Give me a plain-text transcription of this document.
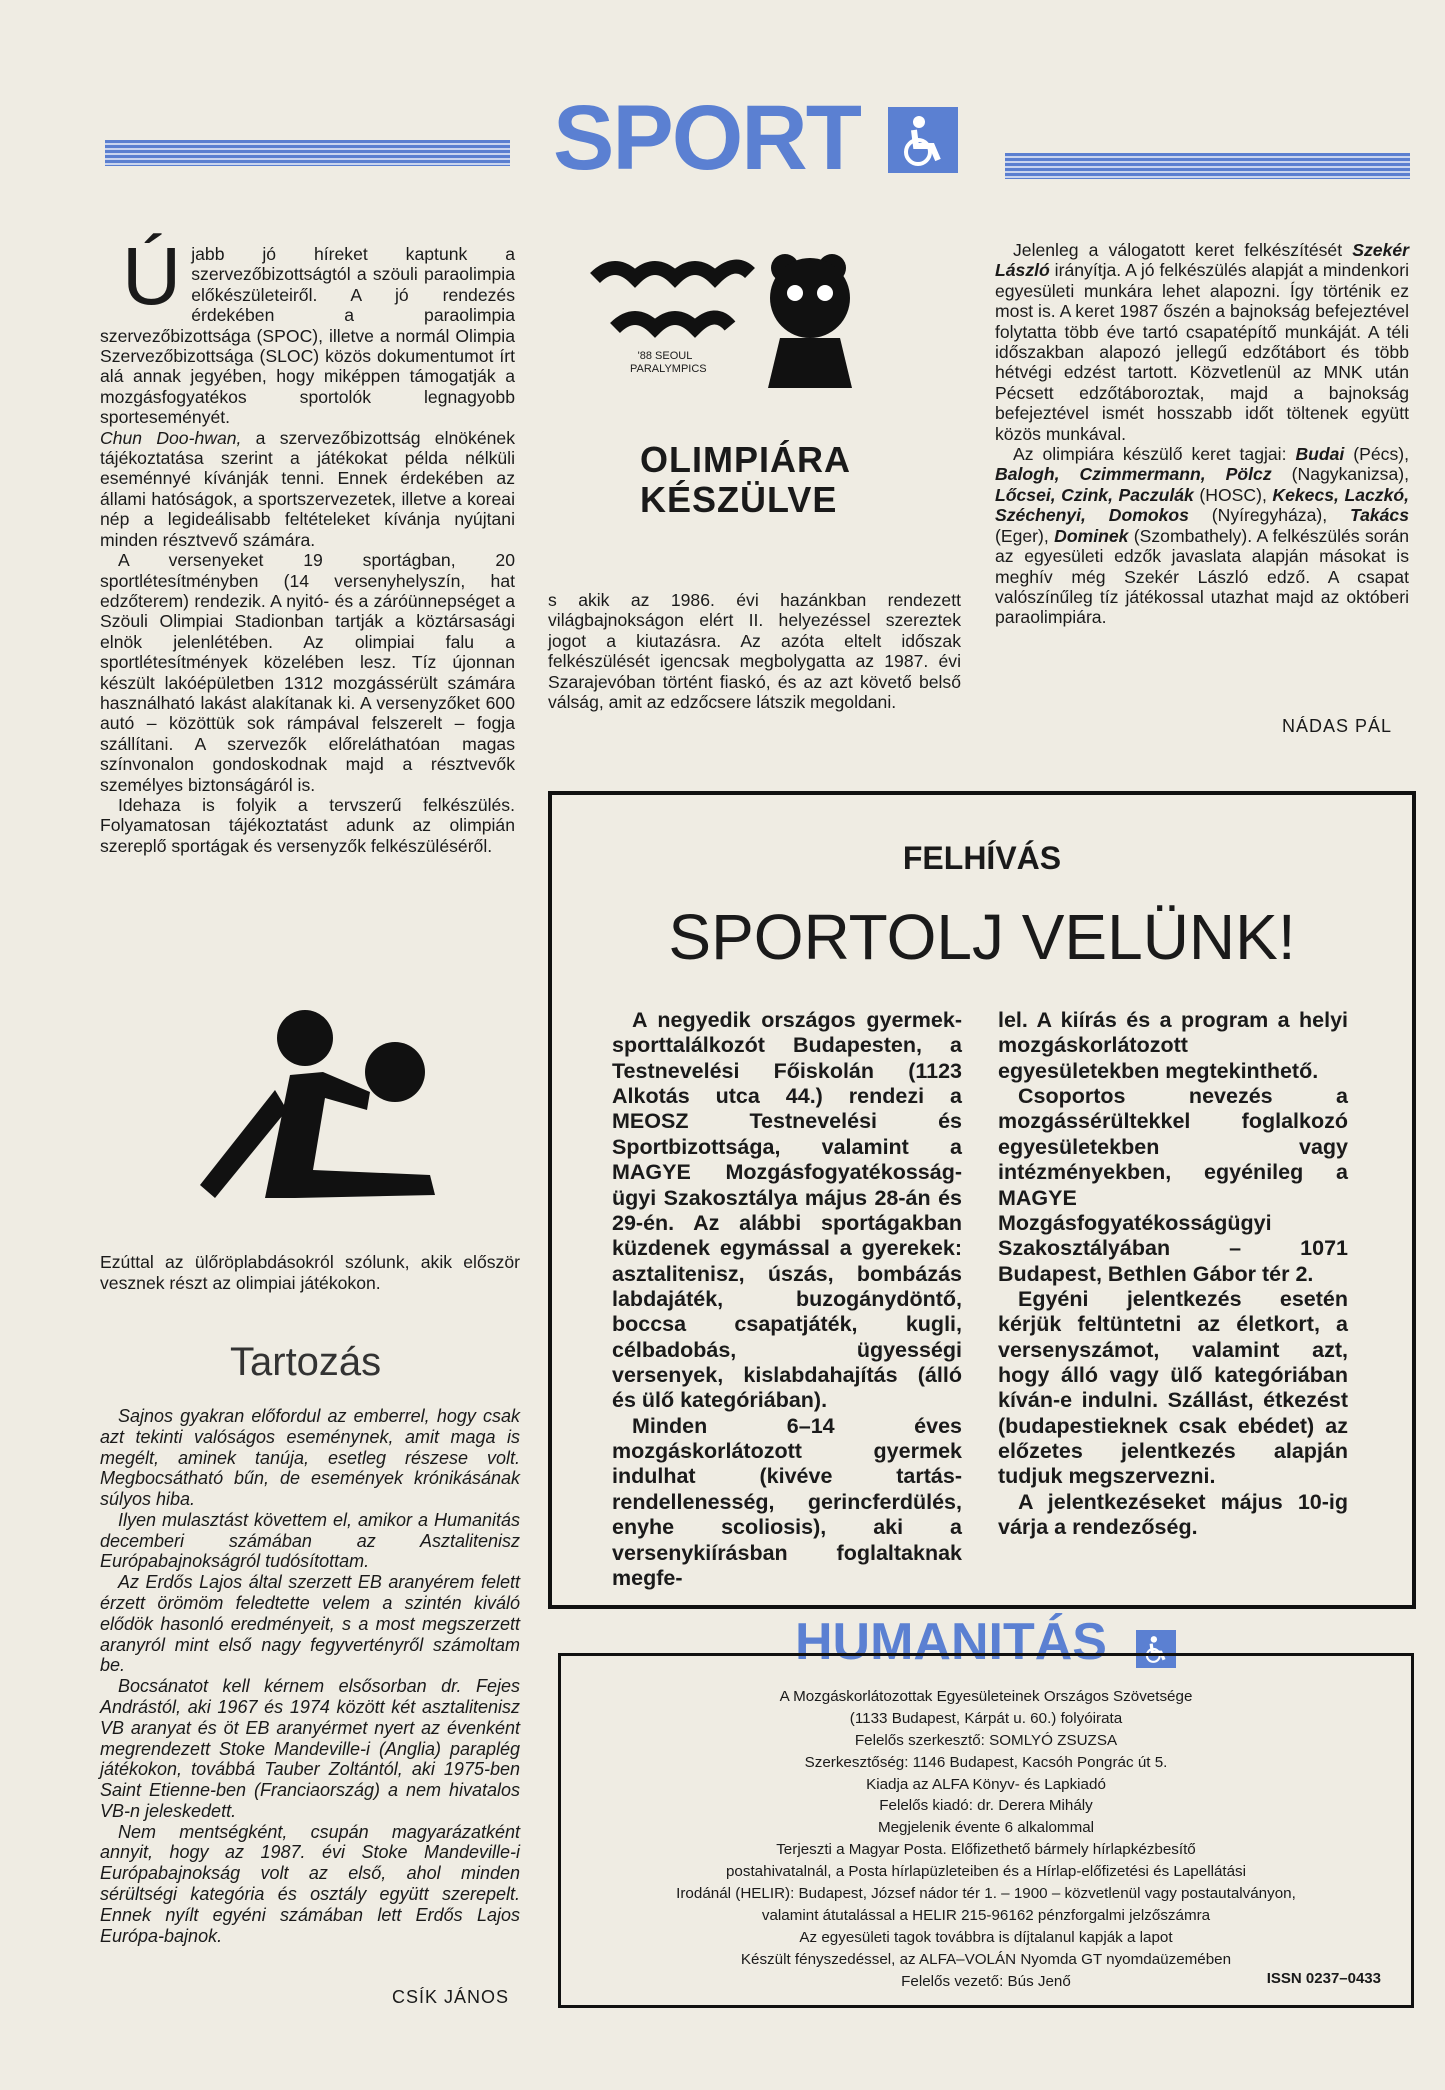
SPORT
Ú jabb jó híreket kaptunk a szervezőbizottságtól a szöuli paraolimpia előkészületeiről. A jó rendezés érdekében a paraolimpia szervezőbizottsága (SPOC), illetve a normál Olimpia Szervezőbizottsága (SLOC) közös dokumentumot írt alá annak jegyében, hogy miképpen támogatják a mozgásfogyatékos sportolók legnagyobb sporteseményét.

Chun Doo-hwan, a szervezőbizottság elnökének tájékoztatása szerint a játékokat példa nélküli eseménnyé kívánják tenni. Ennek érdekében az állami hatóságok, a sportszervezetek, illetve a koreai nép a legideálisabb feltételeket kívánja nyújtani minden résztvevő számára.

A versenyeket 19 sportágban, 20 sportlétesítményben (14 versenyhelyszín, hat edzőterem) rendezik. A nyitó- és a záróünnepséget a Szöuli Olimpiai Stadionban tartják a köztársasági elnök jelenlétében. Az olimpiai falu a sportlétesítmények közelében lesz. Tíz újonnan készült lakóépületben 1312 mozgássérült számára használható lakást alakítanak ki. A versenyzőket 600 autó – közöttük sok rámpával felszerelt – fogja szállítani. A szervezők előreláthatóan magas színvonalon gondoskodnak majd a résztvevők személyes biztonságáról is.

Idehaza is folyik a tervszerű felkészülés. Folyamatosan tájékoztatást adunk az olimpián szereplő sportágak és versenyzők felkészüléséről.

Ezúttal az ülőröplabdásokról szólunk, akik először vesznek részt az olimpiai játékokon.
Tartozás

Sajnos gyakran előfordul az emberrel, hogy csak azt tekinti valóságos eseménynek, amit maga is megélt, aminek tanúja, esetleg részese volt. Megbocsátható bűn, de események krónikásának súlyos hiba.

Ilyen mulasztást követtem el, amikor a Humanitás decemberi számában az Asztalitenisz Európabajnokságról tudósítottam.

Az Erdős Lajos által szerzett EB aranyérem felett érzett örömöm feledtette velem a szintén kiváló elődök hasonló eredményeit, s a most megszerzett aranyról mint első nagy fegyvertényről számoltam be.

Bocsánatot kell kérnem elsősorban dr. Fejes Andrástól, aki 1967 és 1974 között két asztalitenisz VB aranyat és öt EB aranyérmet nyert az évenként megrendezett Stoke Mandeville-i (Anglia) paraplég játékokon, továbbá Tauber Zoltántól, aki 1975-ben Saint Etienne-ben (Franciaország) a nem hivatalos VB-n jeleskedett.

Nem mentségként, csupán magyarázatként annyit, hogy az 1987. évi Stoke Mandeville-i Európabajnokság volt az első, ahol minden sérültségi kategória és osztály együtt szerepelt. Ennek nyílt egyéni számában lett Erdős Lajos Európa-bajnok.

CSÍK JÁNOS
'88 SEOUL
PARALYMPICS
OLIMPIÁRA
KÉSZÜLVE

s akik az 1986. évi hazánkban rendezett világbajnokságon elért II. helyezéssel szereztek jogot a kiutazásra. Az azóta eltelt időszak felkészülését igencsak megbolygatta az 1987. évi Szarajevóban történt fiaskó, és az azt követő belső válság, amit az edzőcsere látszik megoldani.

Jelenleg a válogatott keret felkészítését Szekér László irányítja. A jó felkészülés alapját a mindenkori egyesületi munkára lehet alapozni. Így történik ez most is. A keret 1987 őszén a bajnokság befejeztével folytatta több éve tartó csapatépítő munkáját. A téli időszakban alapozó jellegű edzőtábort és több hétvégi edzést tartott. Közvetlenül az MNK után Pécsett edzőtáboroztak, majd a bajnokság befejeztével ismét hosszabb időt töltenek együtt közös munkával.

Az olimpiára készülő keret tagjai: Budai (Pécs), Balogh, Czimmermann, Pölcz (Nagykanizsa), Lőcsei, Czink, Paczulák (HOSC), Kekecs, Laczkó, Széchenyi, Domokos (Nyíregyháza), Takács (Eger), Dominek (Szombathely). A felkészülés során az egyesületi edzők javaslata alapján másokat is meghív még Szekér László edző. A csapat valószínűleg tíz játékossal utazhat majd az októberi paraolimpiára.

NÁDAS PÁL
FELHÍVÁS
SPORTOLJ VELÜNK!

A negyedik országos gyermek-sporttalálkozót Budapesten, a Testnevelési Főiskolán (1123 Alkotás utca 44.) rendezi a MEOSZ Testnevelési és Sportbizottsága, valamint a MAGYE Mozgásfogyatékosság-ügyi Szakosztálya május 28-án és 29-én. Az alábbi sportágakban küzdenek egymással a gyerekek: asztalitenisz, úszás, bombázás labdajáték, buzogánydöntő, boccsa csapatjáték, kugli, célbadobás, ügyességi versenyek, kislabdahajítás (álló és ülő kategóriában).

Minden 6–14 éves mozgáskorlátozott gyermek indulhat (kivéve tartás-rendellenesség, gerincferdülés, enyhe scoliosis), aki a versenykiírásban foglaltaknak megfe-

lel. A kiírás és a program a helyi mozgáskorlátozott egyesületekben megtekinthető.

Csoportos nevezés a mozgássérültekkel foglalkozó egyesületekben vagy intézményekben, egyénileg a MAGYE Mozgásfogyatékosságügyi Szakosztályában – 1071 Budapest, Bethlen Gábor tér 2.

Egyéni jelentkezés esetén kérjük feltüntetni az életkort, a versenyszámot, valamint azt, hogy álló vagy ülő kategóriában kíván-e indulni. Szállást, étkezést (budapestieknek csak ebédet) az előzetes jelentkezés alapján tudjuk megszervezni.

A jelentkezéseket május 10-ig várja a rendezőség.

HUMANITÁS
A Mozgáskorlátozottak Egyesületeinek Országos Szövetsége
(1133 Budapest, Kárpát u. 60.) folyóirata
Felelős szerkesztő: SOMLYÓ ZSUZSA
Szerkesztőség: 1146 Budapest, Kacsóh Pongrác út 5.
Kiadja az ALFA Könyv- és Lapkiadó
Felelős kiadó: dr. Derera Mihály
Megjelenik évente 6 alkalommal
Terjeszti a Magyar Posta. Előfizethető bármely hírlapkézbesítő
postahivatalnál, a Posta hírlapüzleteiben és a Hírlap-előfizetési és Lapellátási
Irodánál (HELIR): Budapest, József nádor tér 1. – 1900 – közvetlenül vagy postautalványon,
valamint átutalással a HELIR 215-96162 pénzforgalmi jelzőszámra
Az egyesületi tagok továbbra is díjtalanul kapják a lapot
Készült fényszedéssel, az ALFA–VOLÁN Nyomda GT nyomdaüzemében
Felelős vezető: Bús Jenő	ISSN 0237–0433
